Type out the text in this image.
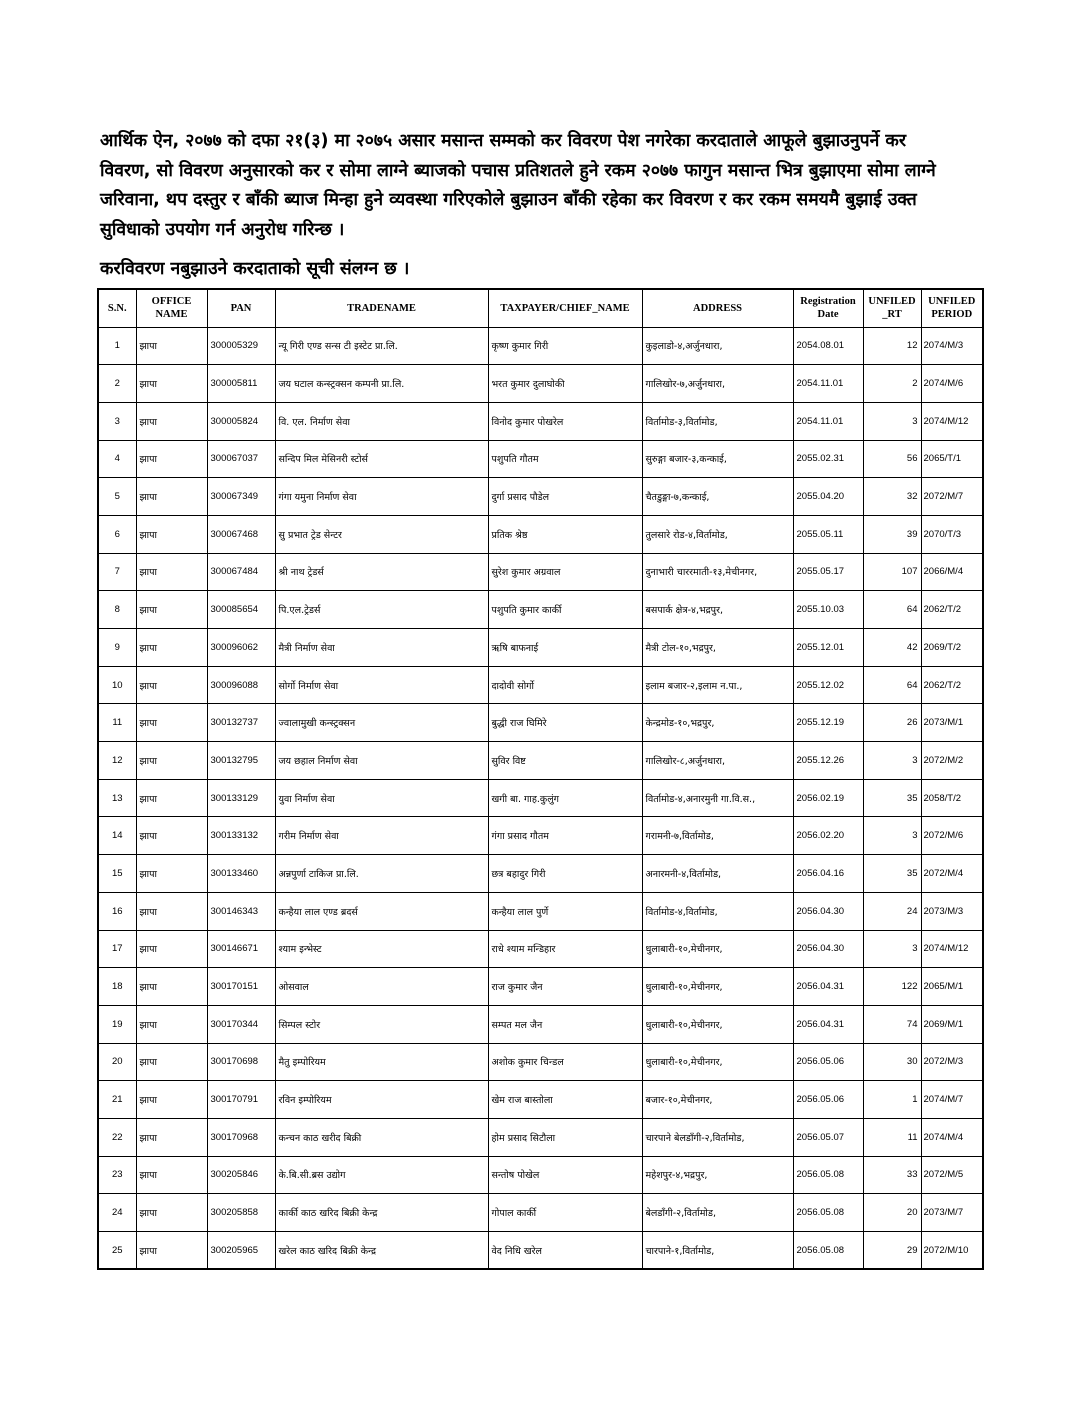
आर्थिक ऐन, २०७७ को दफा २१(३) मा २०७५ असार मसान्त सम्मको कर विवरण पेश नगरेका करदाताले आफूले बुझाउनुपर्ने कर

विवरण, सो विवरण अनुसारको कर र सोमा लाग्ने ब्याजको पचास प्रतिशतले हुने रकम २०७७ फागुन मसान्त भित्र बुझाएमा सोमा लाग्ने

जरिवाना, थप दस्तुर र बाँकी ब्याज मिन्हा हुने व्यवस्था गरिएकोले बुझाउन बाँकी रहेका कर विवरण र कर रकम समयमै बुझाई उक्त

सुविधाको उपयोग गर्न अनुरोध गरिन्छ ।

करविवरण नबुझाउने करदाताको सूची संलग्न छ ।
S.N.	OFFICE NAME	PAN	TRADENAME	TAXPAYER/CHIEF_NAME	ADDRESS	Registration Date	UNFILED _RT	UNFILED PERIOD
1	झापा	300005329	न्यू गिरी एण्ड सन्स टी इस्टेट प्रा.लि.	कृष्ण कुमार गिरी	कुइलाडो-४,अर्जुनधारा,	2054.08.01	12	2074/M/3
2	झापा	300005811	जय घटाल कन्स्ट्रक्सन कम्पनी प्रा.लि.	भरत कुमार दुलाघोकी	गालिखोर-७,अर्जुनधारा,	2054.11.01	2	2074/M/6
3	झापा	300005824	वि. एल. निर्माण सेवा	विनोद कुमार पोखरेल	विर्तामोड-३,विर्तामोड,	2054.11.01	3	2074/M/12
4	झापा	300067037	सन्दिप मिल मेसिनरी स्टोर्स	पशुपति गौतम	सुरुङ्गा बजार-३,कन्काई,	2055.02.31	56	2065/T/1
5	झापा	300067349	गंगा यमुना निर्माण सेवा	दुर्गा प्रसाद पौडेल	चैतडुङ्गा-७,कन्काई,	2055.04.20	32	2072/M/7
6	झापा	300067468	सु प्रभात ट्रेड सेन्टर	प्रतिक श्रेष्ठ	तुलसारे रोड-४,विर्तामोड,	2055.05.11	39	2070/T/3
7	झापा	300067484	श्री नाथ ट्रेडर्स	सुरेश कुमार अग्रवाल	दुनाभारी चाररमाती-१३,मेचीनगर,	2055.05.17	107	2066/M/4
8	झापा	300085654	पि.एल.ट्रेडर्स	पशुपति कुमार कार्की	बसपार्क क्षेत्र-४,भद्रपुर,	2055.10.03	64	2062/T/2
9	झापा	300096062	मैत्री निर्माण सेवा	ऋषि बाफनाई	मैत्री टोल-१०,भद्रपुर,	2055.12.01	42	2069/T/2
10	झापा	300096088	सोर्गो निर्माण सेवा	दादोवी सोर्गो	इलाम बजार-२,इलाम न.पा.,	2055.12.02	64	2062/T/2
11	झापा	300132737	ज्वालामुखी कन्स्ट्रक्सन	बुद्धी राज घिमिरे	केन्द्रमोड-१०,भद्रपुर,	2055.12.19	26	2073/M/1
12	झापा	300132795	जय छहाल निर्माण सेवा	सुविर विष्ट	गालिखोर-८,अर्जुनधारा,	2055.12.26	3	2072/M/2
13	झापा	300133129	युवा निर्माण सेवा	खगी बा. गाह.कुलुंग	विर्तामोड-४,अनारमुनी गा.वि.स.,	2056.02.19	35	2058/T/2
14	झापा	300133132	गरीम निर्माण सेवा	गंगा प्रसाद गौतम	गरामनी-७,विर्तामोड,	2056.02.20	3	2072/M/6
15	झापा	300133460	अन्नपुर्णा टाकिज प्रा.लि.	छत्र बहादुर गिरी	अनारमनी-४,विर्तामोड,	2056.04.16	35	2072/M/4
16	झापा	300146343	कन्हैया लाल एण्ड ब्रदर्स	कन्हैया लाल पुर्णे	विर्तामोड-४,विर्तामोड,	2056.04.30	24	2073/M/3
17	झापा	300146671	श्याम इन्भेस्ट	राधे श्याम मन्डिहार	धुलाबारी-१०,मेचीनगर,	2056.04.30	3	2074/M/12
18	झापा	300170151	ओसवाल	राज कुमार जैन	धुलाबारी-१०,मेचीनगर,	2056.04.31	122	2065/M/1
19	झापा	300170344	सिम्पल स्टोर	सम्पत मल जैन	धुलाबारी-१०,मेचीनगर,	2056.04.31	74	2069/M/1
20	झापा	300170698	मैतु इम्पोरियम	अशोक कुमार चिन्डल	धुलाबारी-१०,मेचीनगर,	2056.05.06	30	2072/M/3
21	झापा	300170791	रविन इम्पोरियम	खेम राज बास्तोला	बजार-१०,मेचीनगर,	2056.05.06	1	2074/M/7
22	झापा	300170968	कन्चन काठ खरीद बिक्री	होम प्रसाद सिटौला	चारपाने बेलडाँगी-२,विर्तामोड,	2056.05.07	11	2074/M/4
23	झापा	300205846	के.बि.सी.ब्रस उद्योग	सन्तोष पोखेल	महेशपुर-४,भद्रपुर,	2056.05.08	33	2072/M/5
24	झापा	300205858	कार्की काठ खरिद बिक्री केन्द्र	गोपाल कार्की	बेलडाँगी-२,विर्तामोड,	2056.05.08	20	2073/M/7
25	झापा	300205965	खरेल काठ खरिद बिक्री केन्द्र	वेद निधि खरेल	चारपाने-१,विर्तामोड,	2056.05.08	29	2072/M/10
